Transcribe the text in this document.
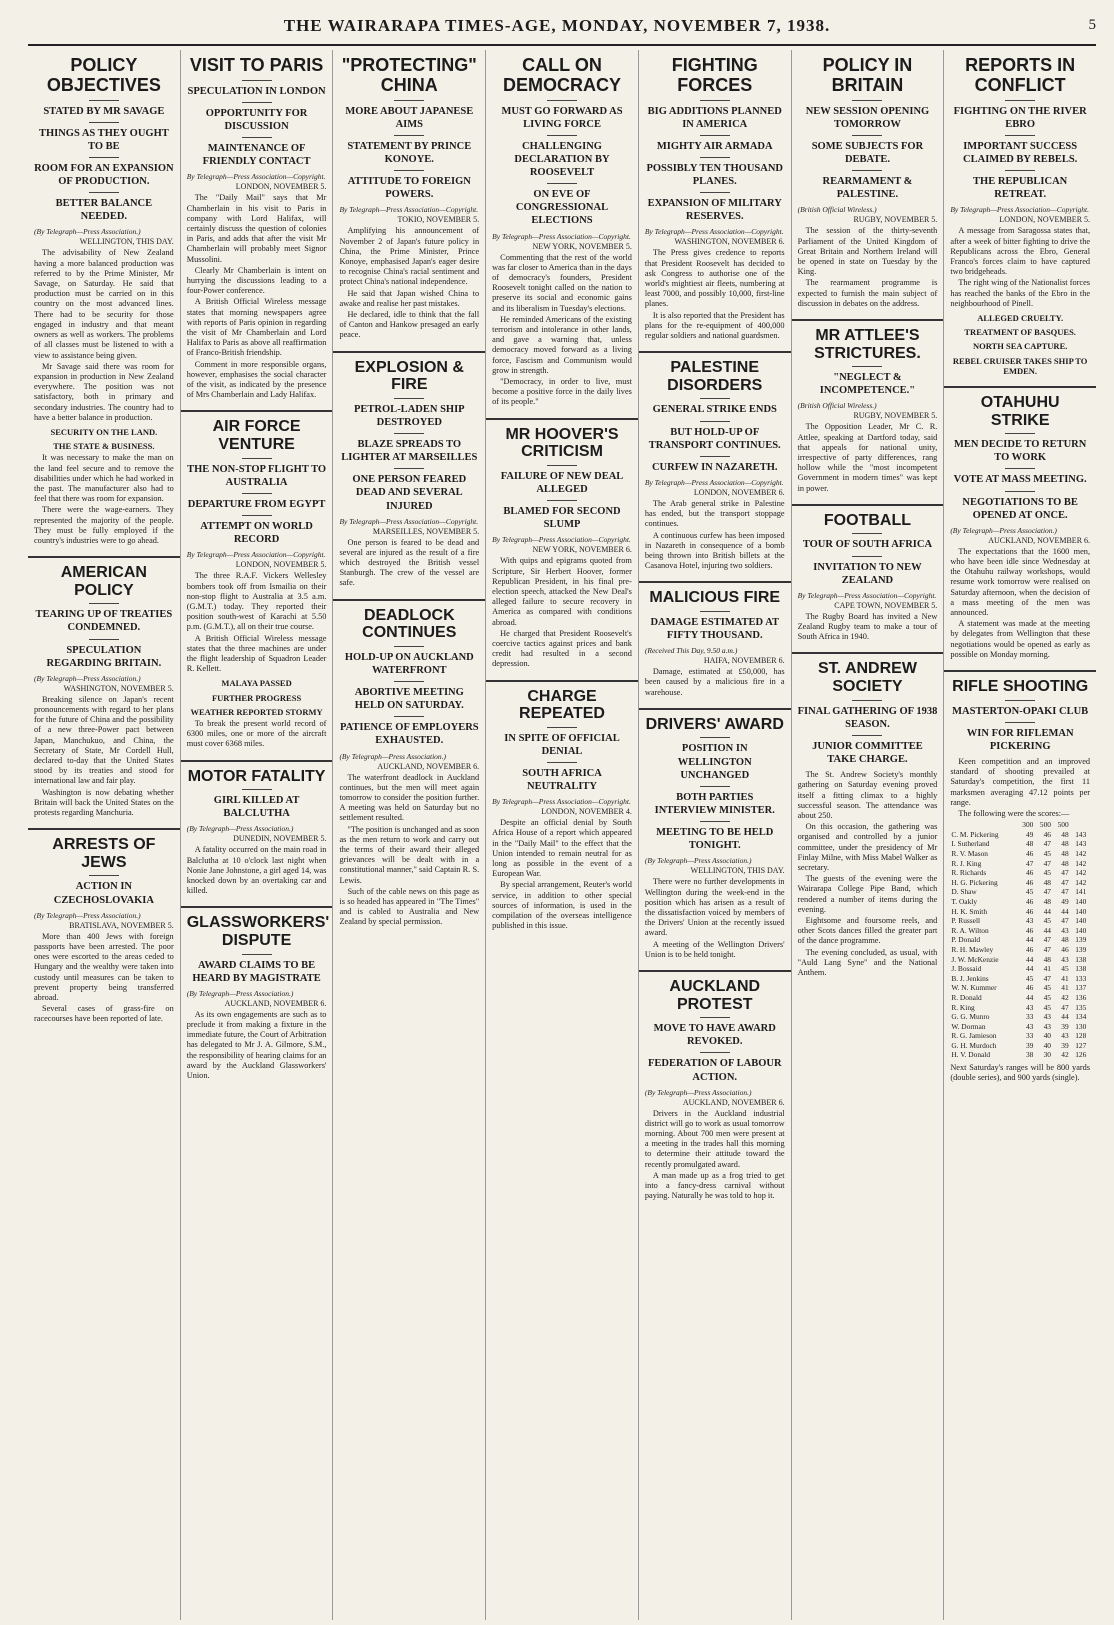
THE WAIRARAPA TIMES-AGE, MONDAY, NOVEMBER 7, 1938.	5
POLICY OBJECTIVES
STATED BY MR SAVAGE
THINGS AS THEY OUGHT TO BE
ROOM FOR AN EXPANSION OF PRODUCTION.
BETTER BALANCE NEEDED.
(By Telegraph—Press Association.)
WELLINGTON, THIS DAY.

The advisability of New Zealand having a more balanced production was referred to by the Prime Minister, Mr Savage, on Saturday. He said that production must be carried on in this country on the most advanced lines. There had to be security for those engaged in industry and that meant owners as well as workers. The problems of all classes must be listened to with a view to assistance being given.

Mr Savage said there was room for expansion in production in New Zealand everywhere. The position was not satisfactory, both in primary and secondary industries. The country had to have a better balance in production.

SECURITY ON THE LAND.
THE STATE & BUSINESS.

It was necessary to make the man on the land feel secure and to remove the disabilities under which he had worked in the past. The manufacturer also had to feel that there was room for expansion.

There were the wage-earners. They represented the majority of the people. They must be fully employed if the country's industries were to go ahead.

AMERICAN POLICY
TEARING UP OF TREATIES CONDEMNED.
SPECULATION REGARDING BRITAIN.
(By Telegraph—Press Association.)
WASHINGTON, NOVEMBER 5.

Breaking silence on Japan's recent pronouncements with regard to her plans for the future of China and the possibility of a new three-Power pact between Japan, Manchukuo, and China, the Secretary of State, Mr Cordell Hull, declared to-day that the United States stood by its treaties and stood for international law and fair play.

Washington is now debating whether Britain will back the United States on the protests regarding Manchuria.

ARRESTS OF JEWS
ACTION IN CZECHOSLOVAKIA
(By Telegraph—Press Association.)
BRATISLAVA, NOVEMBER 5.

More than 400 Jews with foreign passports have been arrested. The poor ones were escorted to the areas ceded to Hungary and the wealthy were taken into custody until measures can be taken to prevent property being transferred abroad.

Several cases of grass-fire on racecourses have been reported of late.

VISIT TO PARIS
SPECULATION IN LONDON
OPPORTUNITY FOR DISCUSSION
MAINTENANCE OF FRIENDLY CONTACT
By Telegraph—Press Association—Copyright.
LONDON, NOVEMBER 5.

The "Daily Mail" says that Mr Chamberlain in his visit to Paris in company with Lord Halifax, will certainly discuss the question of colonies in Paris, and adds that after the visit Mr Chamberlain will probably meet Signor Mussolini.

Clearly Mr Chamberlain is intent on hurrying the discussions leading to a four-Power conference.

A British Official Wireless message states that morning newspapers agree with reports of Paris opinion in regarding the visit of Mr Chamberlain and Lord Halifax to Paris as above all reaffirmation of Franco-British friendship.

Comment in more responsible organs, however, emphasises the social character of the visit, as indicated by the presence of Mrs Chamberlain and Lady Halifax.

AIR FORCE VENTURE
THE NON-STOP FLIGHT TO AUSTRALIA
DEPARTURE FROM EGYPT
ATTEMPT ON WORLD RECORD
By Telegraph—Press Association—Copyright.
LONDON, NOVEMBER 5.

The three R.A.F. Vickers Wellesley bombers took off from Ismailia on their non-stop flight to Australia at 3.5 a.m. (G.M.T.) today. They reported their position south-west of Karachi at 5.50 p.m. (G.M.T.), all on their true course.

A British Official Wireless message states that the three machines are under the flight leadership of Squadron Leader R. Kellett.

MALAYA PASSED
FURTHER PROGRESS
WEATHER REPORTED STORMY

To break the present world record of 6300 miles, one or more of the aircraft must cover 6368 miles.

MOTOR FATALITY
GIRL KILLED AT BALCLUTHA
(By Telegraph—Press Association.)
DUNEDIN, NOVEMBER 5.

A fatality occurred on the main road in Balclutha at 10 o'clock last night when Nonie Jane Johnstone, a girl aged 14, was knocked down by an overtaking car and killed.

GLASSWORKERS' DISPUTE
AWARD CLAIMS TO BE HEARD BY MAGISTRATE
(By Telegraph—Press Association.)
AUCKLAND, NOVEMBER 6.

As its own engagements are such as to preclude it from making a fixture in the immediate future, the Court of Arbitration has delegated to Mr J. A. Gilmore, S.M., the responsibility of hearing claims for an award by the Auckland Glassworkers' Union.

"PROTECTING" CHINA
MORE ABOUT JAPANESE AIMS
STATEMENT BY PRINCE KONOYE.
ATTITUDE TO FOREIGN POWERS.
By Telegraph—Press Association—Copyright.
TOKIO, NOVEMBER 5.

Amplifying his announcement of November 2 of Japan's future policy in China, the Prime Minister, Prince Konoye, emphasised Japan's eager desire to recognise China's racial sentiment and protect China's national independence.

He said that Japan wished China to awake and realise her past mistakes.

He declared, idle to think that the fall of Canton and Hankow presaged an early peace.

EXPLOSION & FIRE
PETROL-LADEN SHIP DESTROYED
BLAZE SPREADS TO LIGHTER AT MARSEILLES
ONE PERSON FEARED DEAD AND SEVERAL INJURED
By Telegraph—Press Association—Copyright.
MARSEILLES, NOVEMBER 5.

One person is feared to be dead and several are injured as the result of a fire which destroyed the British vessel Stanburgh. The crew of the vessel are safe.

DEADLOCK CONTINUES
HOLD-UP ON AUCKLAND WATERFRONT
ABORTIVE MEETING HELD ON SATURDAY.
PATIENCE OF EMPLOYERS EXHAUSTED.
(By Telegraph—Press Association.)
AUCKLAND, NOVEMBER 6.

The waterfront deadlock in Auckland continues, but the men will meet again tomorrow to consider the position further. A meeting was held on Saturday but no settlement resulted.

"The position is unchanged and as soon as the men return to work and carry out the terms of their award their alleged grievances will be dealt with in a constitutional manner," said Captain R. S. Lewis.

Such of the cable news on this page as is so headed has appeared in "The Times" and is cabled to Australia and New Zealand by special permission.

CALL ON DEMOCRACY
MUST GO FORWARD AS LIVING FORCE
CHALLENGING DECLARATION BY ROOSEVELT
ON EVE OF CONGRESSIONAL ELECTIONS
By Telegraph—Press Association—Copyright.
NEW YORK, NOVEMBER 5.

Commenting that the rest of the world was far closer to America than in the days of democracy's founders, President Roosevelt tonight called on the nation to preserve its social and economic gains and its liberalism in Tuesday's elections.

He reminded Americans of the existing terrorism and intolerance in other lands, and gave a warning that, unless democracy moved forward as a living force, Fascism and Communism would grow in strength.

"Democracy, in order to live, must become a positive force in the daily lives of its people."

MR HOOVER'S CRITICISM
FAILURE OF NEW DEAL ALLEGED
BLAMED FOR SECOND SLUMP
By Telegraph—Press Association—Copyright.
NEW YORK, NOVEMBER 6.

With quips and epigrams quoted from Scripture, Sir Herbert Hoover, former Republican President, in his final pre-election speech, attacked the New Deal's alleged failure to secure recovery in America as compared with conditions abroad.

He charged that President Roosevelt's coercive tactics against prices and bank credit had resulted in a second depression.

CHARGE REPEATED
IN SPITE OF OFFICIAL DENIAL
SOUTH AFRICA NEUTRALITY
By Telegraph—Press Association—Copyright.
LONDON, NOVEMBER 4.

Despite an official denial by South Africa House of a report which appeared in the "Daily Mail" to the effect that the Union intended to remain neutral for as long as possible in the event of a European War.

By special arrangement, Reuter's world service, in addition to other special sources of information, is used in the compilation of the overseas intelligence published in this issue.

FIGHTING FORCES
BIG ADDITIONS PLANNED IN AMERICA
MIGHTY AIR ARMADA
POSSIBLY TEN THOUSAND PLANES.
EXPANSION OF MILITARY RESERVES.
By Telegraph—Press Association—Copyright.
WASHINGTON, NOVEMBER 6.

The Press gives credence to reports that President Roosevelt has decided to ask Congress to authorise one of the world's mightiest air fleets, numbering at least 7000, and possibly 10,000, first-line planes.

It is also reported that the President has plans for the re-equipment of 400,000 regular soldiers and national guardsmen.

PALESTINE DISORDERS
GENERAL STRIKE ENDS
BUT HOLD-UP OF TRANSPORT CONTINUES.
CURFEW IN NAZARETH.
By Telegraph—Press Association—Copyright.
LONDON, NOVEMBER 6.

The Arab general strike in Palestine has ended, but the transport stoppage continues.

A continuous curfew has been imposed in Nazareth in consequence of a bomb being thrown into British billets at the Casanova Hotel, injuring two soldiers.

MALICIOUS FIRE
DAMAGE ESTIMATED AT FIFTY THOUSAND.
(Received This Day, 9.50 a.m.)
HAIFA, NOVEMBER 6.

Damage, estimated at £50,000, has been caused by a malicious fire in a warehouse.

DRIVERS' AWARD
POSITION IN WELLINGTON UNCHANGED
BOTH PARTIES INTERVIEW MINISTER.
MEETING TO BE HELD TONIGHT.
(By Telegraph—Press Association.)
WELLINGTON, THIS DAY.

There were no further developments in Wellington during the week-end in the position which has arisen as a result of the dissatisfaction voiced by members of the Drivers' Union at the recently issued award.

A meeting of the Wellington Drivers' Union is to be held tonight.

AUCKLAND PROTEST
MOVE TO HAVE AWARD REVOKED.
FEDERATION OF LABOUR ACTION.
(By Telegraph—Press Association.)
AUCKLAND, NOVEMBER 6.

Drivers in the Auckland industrial district will go to work as usual tomorrow morning. About 700 men were present at a meeting in the trades hall this morning to determine their attitude toward the recently promulgated award.

A man made up as a frog tried to get into a fancy-dress carnival without paying. Naturally he was told to hop it.

POLICY IN BRITAIN
NEW SESSION OPENING TOMORROW
SOME SUBJECTS FOR DEBATE.
REARMAMENT & PALESTINE.
(British Official Wireless.)
RUGBY, NOVEMBER 5.

The session of the thirty-seventh Parliament of the United Kingdom of Great Britain and Northern Ireland will be opened in state on Tuesday by the King.

The rearmament programme is expected to furnish the main subject of discussion in debates on the address.

MR ATTLEE'S STRICTURES.
"NEGLECT & INCOMPETENCE."
(British Official Wireless.)
RUGBY, NOVEMBER 5.

The Opposition Leader, Mr C. R. Attlee, speaking at Dartford today, said that appeals for national unity, irrespective of party differences, rang hollow while the "most incompetent Government in modern times" was kept in power.

FOOTBALL
TOUR OF SOUTH AFRICA
INVITATION TO NEW ZEALAND
By Telegraph—Press Association—Copyright.
CAPE TOWN, NOVEMBER 5.

The Rugby Board has invited a New Zealand Rugby team to make a tour of South Africa in 1940.

ST. ANDREW SOCIETY
FINAL GATHERING OF 1938 SEASON.
JUNIOR COMMITTEE TAKE CHARGE.

The St. Andrew Society's monthly gathering on Saturday evening proved itself a fitting climax to a highly successful season. The attendance was about 250.

On this occasion, the gathering was organised and controlled by a junior committee, under the presidency of Mr Finlay Milne, with Miss Mabel Walker as secretary.

The guests of the evening were the Wairarapa College Pipe Band, which rendered a number of items during the evening.

Eightsome and foursome reels, and other Scots dances filled the greater part of the dance programme.

The evening concluded, as usual, with "Auld Lang Syne" and the National Anthem.

REPORTS IN CONFLICT
FIGHTING ON THE RIVER EBRO
IMPORTANT SUCCESS CLAIMED BY REBELS.
THE REPUBLICAN RETREAT.
By Telegraph—Press Association—Copyright.
LONDON, NOVEMBER 5.

A message from Saragossa states that, after a week of bitter fighting to drive the Republicans across the Ebro, General Franco's forces claim to have captured two bridgeheads.

The right wing of the Nationalist forces has reached the banks of the Ebro in the neighbourhood of Pinell.

ALLEGED CRUELTY.
TREATMENT OF BASQUES.
NORTH SEA CAPTURE.
REBEL CRUISER TAKES SHIP TO EMDEN.
OTAHUHU STRIKE
MEN DECIDE TO RETURN TO WORK
VOTE AT MASS MEETING.
NEGOTIATIONS TO BE OPENED AT ONCE.
(By Telegraph—Press Association.)
AUCKLAND, NOVEMBER 6.

The expectations that the 1600 men, who have been idle since Wednesday at the Otahuhu railway workshops, would resume work tomorrow were realised on Saturday afternoon, when the decision of a mass meeting of the men was announced.

A statement was made at the meeting by delegates from Wellington that these negotiations would be opened as early as possible on Monday morning.

RIFLE SHOOTING
MASTERTON-OPAKI CLUB
WIN FOR RIFLEMAN PICKERING

Keen competition and an improved standard of shooting prevailed at Saturday's competition, the first 11 marksmen averaging 47.12 points per range.

The following were the scores:—

	300	500	500		
C. M. Pickering	49	46	48	143	
I. Sutherland	48	47	48	143	
R. V. Mason	46	45	48	142	
R. J. King	47	47	48	142	
R. Richards	46	45	47	142	
H. G. Pickering	46	48	47	142	
D. Shaw	45	47	47	141	
T. Oakly	46	48	49	140	
H. K. Smith	46	44	44	140	
P. Russell	43	45	47	140	
R. A. Wilton	46	44	43	140	
P. Donald	44	47	48	139	
R. H. Mawley	46	47	46	139	
J. W. McKenzie	44	48	43	138	
J. Bossaid	44	41	45	138	
B. J. Jenkins	45	47	41	133	
W. N. Kummer	46	45	41	137	
R. Donald	44	45	42	136	
R. King	43	45	47	135	
G. G. Munro	33	43	44	134	
W. Dorman	43	43	39	130	
R. G. Jamieson	33	40	43	128	
G. H. Murdoch	39	40	39	127	
H. V. Donald	38	30	42	126	
Next Saturday's ranges will be 800 yards (double series), and 900 yards (single).
